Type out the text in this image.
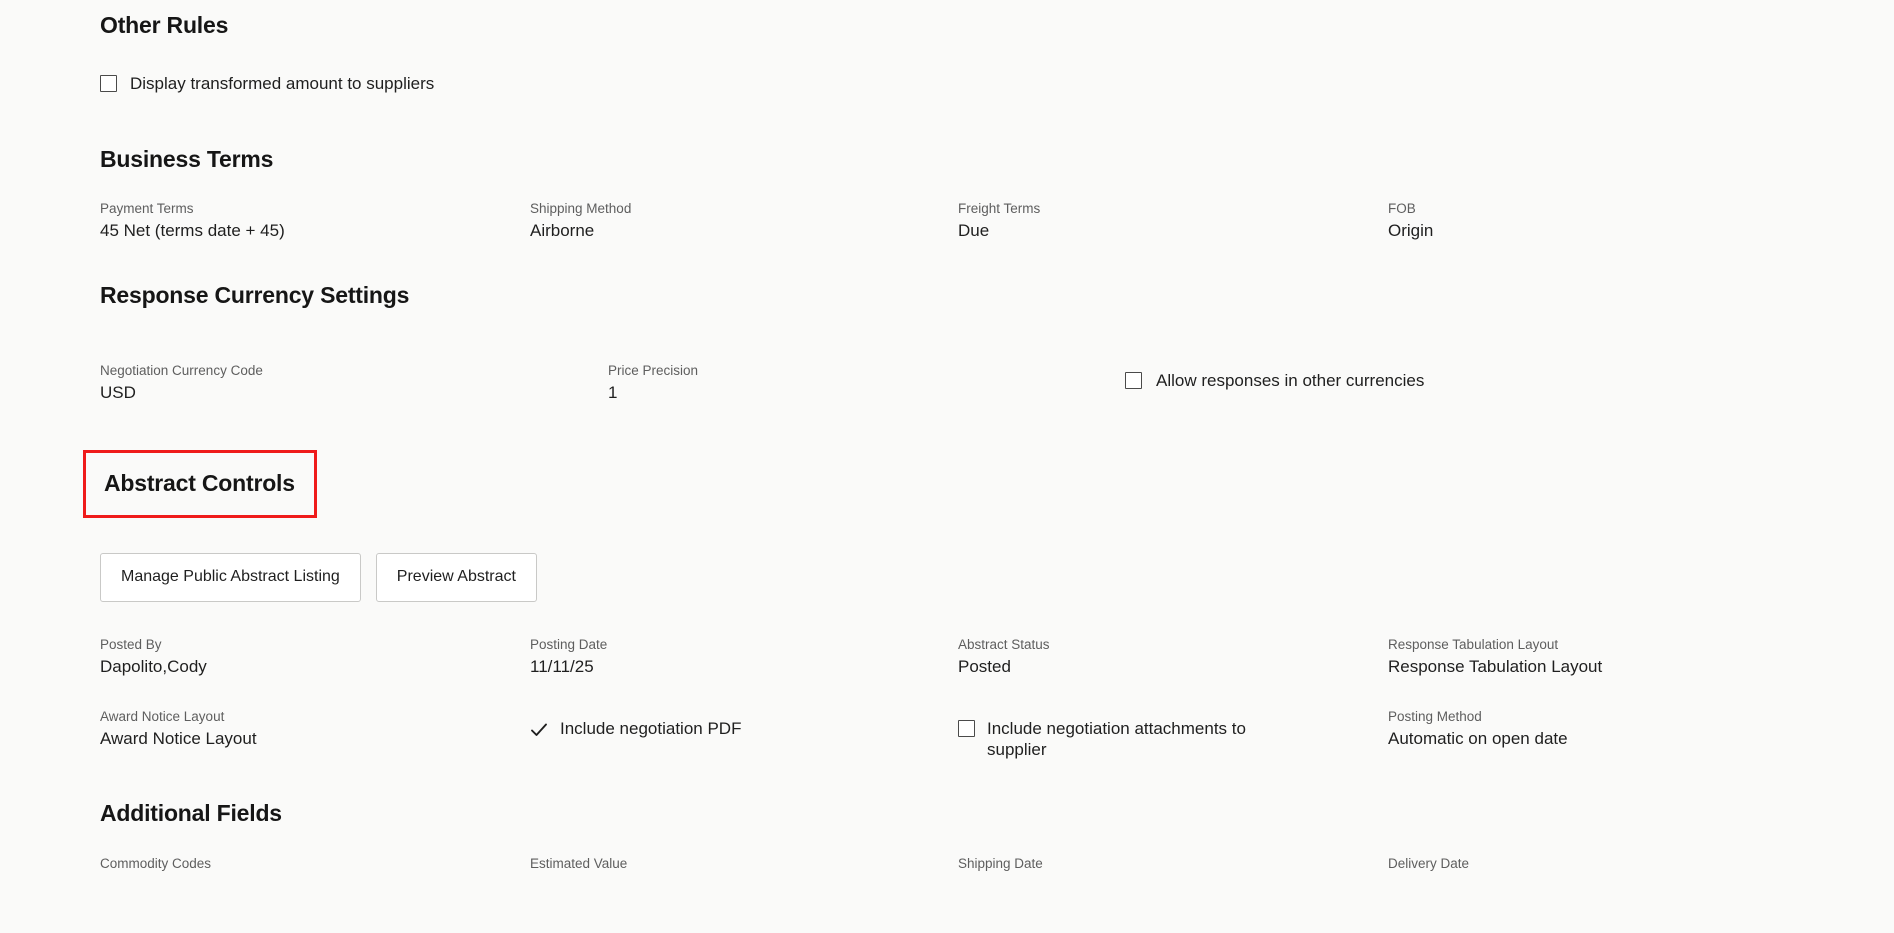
Other Rules
Display transformed amount to suppliers
Business Terms
Payment Terms
45 Net (terms date + 45)
Shipping Method
Airborne
Freight Terms
Due
FOB
Origin
Response Currency Settings
Negotiation Currency Code
USD
Price Precision
1
Allow responses in other currencies
Abstract Controls
Manage Public Abstract Listing	Preview Abstract
Posted By
Dapolito,Cody
Posting Date
11/11/25
Abstract Status
Posted
Response Tabulation Layout
Response Tabulation Layout
Award Notice Layout
Award Notice Layout
Include negotiation PDF	Include negotiation attachments to supplier
Posting Method
Automatic on open date
Additional Fields
Commodity Codes	Estimated Value	Shipping Date	Delivery Date
